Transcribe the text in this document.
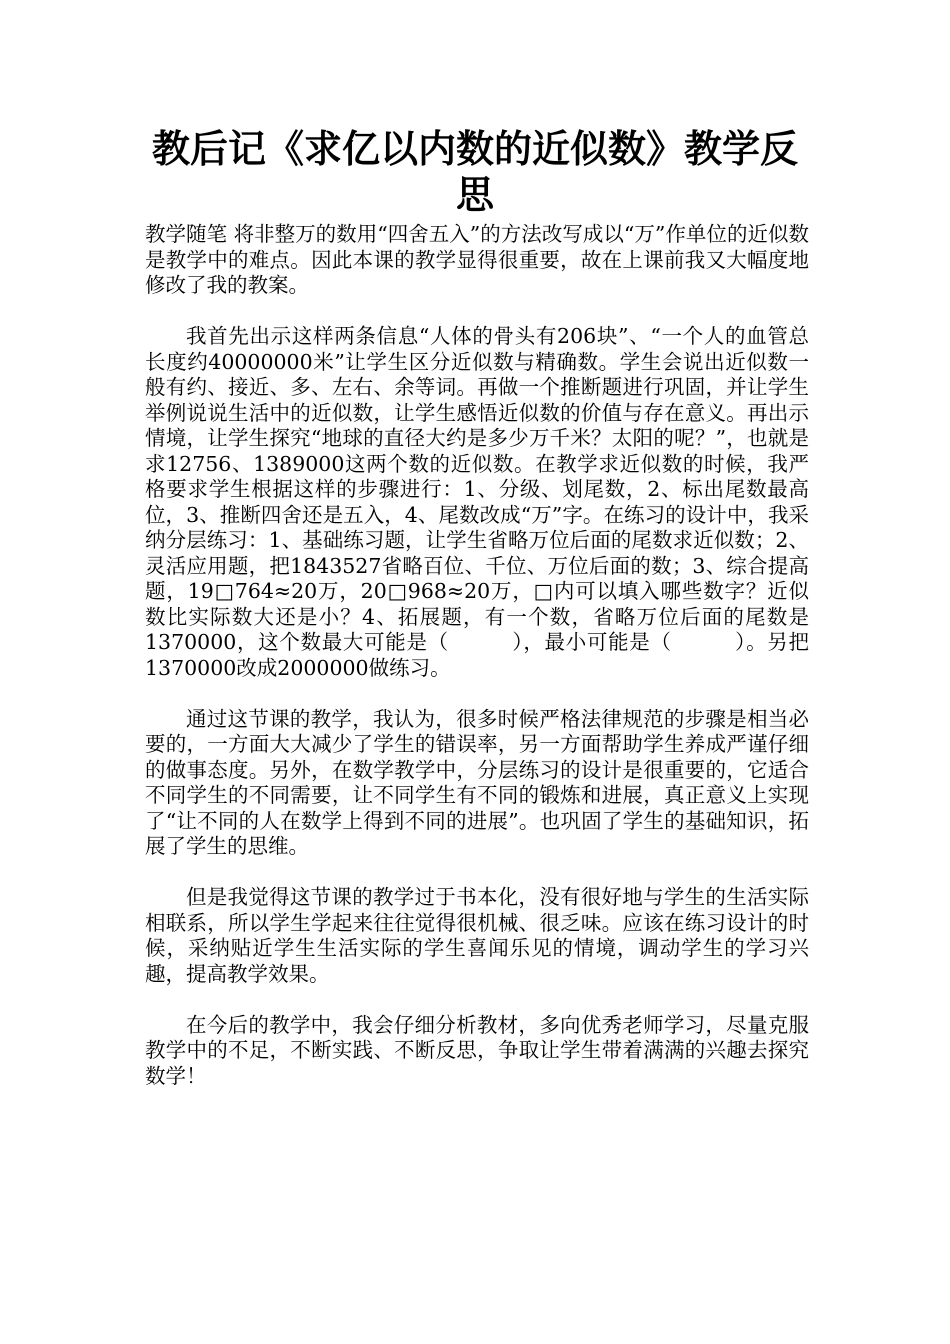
教后记《求亿以内数的近似数》教学反思

教学随笔 将非整万的数用“四舍五入”的方法改写成以“万”作单位的近似数是教学中的难点。因此本课的教学显得很重要，故在上课前我又大幅度地修改了我的教案。

我首先出示这样两条信息“人体的骨头有206块”、“一个人的血管总长度约40000000米”让学生区分近似数与精确数。学生会说出近似数一般有约、接近、多、左右、余等词。再做一个推断题进行巩固，并让学生举例说说生活中的近似数，让学生感悟近似数的价值与存在意义。再出示情境，让学生探究“地球的直径大约是多少万千米？太阳的呢？”，也就是求12756、1389000这两个数的近似数。在教学求近似数的时候，我严格要求学生根据这样的步骤进行：1、分级、划尾数，2、标出尾数最高位，3、推断四舍还是五入，4、尾数改成“万”字。在练习的设计中，我采纳分层练习：1、基础练习题，让学生省略万位后面的尾数求近似数；2、灵活应用题，把1843527省略百位、千位、万位后面的数；3、综合提高题，19□764≈20万，20□968≈20万，□内可以填入哪些数字？近似数比实际数大还是小？4、拓展题，有一个数，省略万位后面的尾数是1370000，这个数最大可能是（　　　），最小可能是（　　　）。另把1370000改成2000000做练习。

通过这节课的教学，我认为，很多时候严格法律规范的步骤是相当必要的，一方面大大减少了学生的错误率，另一方面帮助学生养成严谨仔细的做事态度。另外，在数学教学中，分层练习的设计是很重要的，它适合不同学生的不同需要，让不同学生有不同的锻炼和进展，真正意义上实现了“让不同的人在数学上得到不同的进展”。也巩固了学生的基础知识，拓展了学生的思维。

但是我觉得这节课的教学过于书本化，没有很好地与学生的生活实际相联系，所以学生学起来往往觉得很机械、很乏味。应该在练习设计的时候，采纳贴近学生生活实际的学生喜闻乐见的情境，调动学生的学习兴趣，提高教学效果。

在今后的教学中，我会仔细分析教材，多向优秀老师学习，尽量克服教学中的不足，不断实践、不断反思，争取让学生带着满满的兴趣去探究数学！
